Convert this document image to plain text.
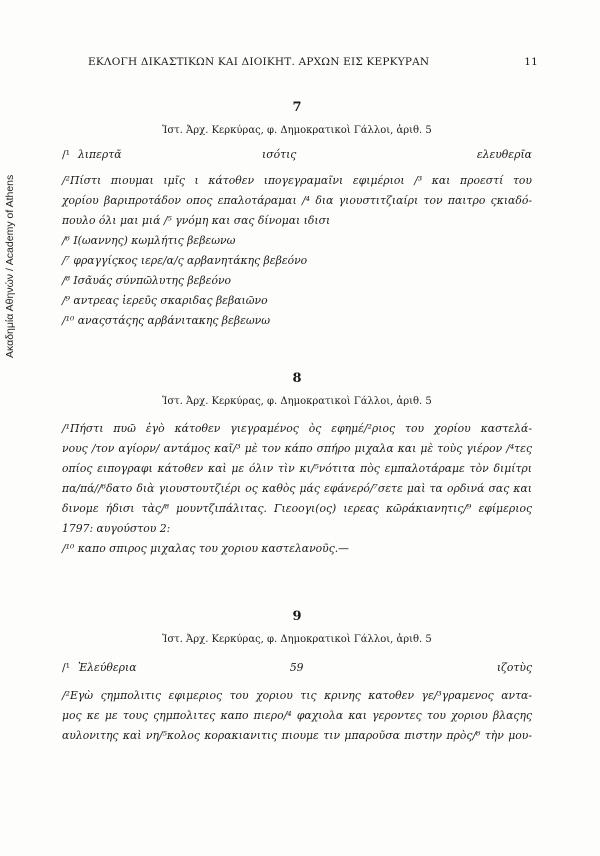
Ακαδημία Αθηνών / Academy of Athens
ΕΚΛΟΓΗ ΔΙΚΑΣΤΙΚΩΝ ΚΑΙ ΔΙΟΙΚΗΤ. ΑΡΧΩΝ ΕΙΣ ΚΕΡΚΥΡΑΝ	11
7
Ἱστ. Ἀρχ. Κερκύρας, φ. Δημοκρατικοὶ Γάλλοι, ἀριθ. 5
/¹ λιπερτᾶ	ισότις	ελευθερῖα
/²Πίστι πιουμαι ιμῖς ι κάτοθεν ιπογεγραμαῖνι εφιμέριοι /³ και προεστί του
χορίου βαριπροτάδον οπος επαλοτάραμαι /⁴ δια γιουστιτζιαίρι τον παιτρο ςκιαδό-
πουλο όλι μαι μιά /⁵ γνόμη και σας δίνομαι ιδισι
/⁶ Ι(ωαννης) κωμλήτις βεβεωνω
/⁷ φραγγίςκος ιερε/α/ς αρβανητάκης βεβεόνο
/⁸ Ισᾶυάς σύνπῶλυτης βεβεόνο
/⁹ αντρεας ἱερεῦς σκαριδας βεβαιῶνο
/¹⁰ αναςστάςης αρβάνιτακης βεβεωνω
8
Ἱστ. Ἀρχ. Κερκύρας, φ. Δημοκρατικοὶ Γάλλοι, ἀριθ. 5
/¹Πήστι πυῶ ἐγὸ κάτοθεν γιεγραμένος ὸς εφημέ/²ριος του χορίου καστελά-
νους /τον αγίορν/ αντάμος καῖ/³ μὲ τον κάπο σπήρο μιχαλα και μὲ τοὺς γιέρον /⁴τες
οπίος ειπογραφι κάτοθεν καὶ με όλιν τὶν κι/⁵νότιτα πὸς εμπαλοτάραμε τὸν διμίτρι
πα/πά//⁶δατο διὰ γιουστουτζιέρι ος καθὸς μάς εφάνερό/⁷σετε μαὶ τα ορδινά σας και
δινομε ήδισι τὰς/⁸ μουντζιπάλιτας. Γιεοογι(ος) ιερεας κῶράκιανητις/⁹ εφίμεριος
1797: αυγούστου 2:
/¹⁰ καπο σπιρος μιχαλας του χοριου καστελανοῦς.—
9
Ἱστ. Ἀρχ. Κερκύρας, φ. Δημοκρατικοὶ Γάλλοι, ἀριθ. 5
/¹ Ἐλεύθερια	59	ιζοτὺς
/²Εγὼ ςημπολιτις εφιμεριος του χοριου τις κρινης κατοθεν γε/³γραμενος αντα-
μος κε με τους ςημπολιτες καπο πιερο/⁴ φαχιολα και γεροντες του χοριου βλαςης
αυλονιτης καὶ νη/⁵κολος κορακιανιτις πιουμε τιν μπαροῦσα πιστην πρὸς/⁶ τὴν μου-
